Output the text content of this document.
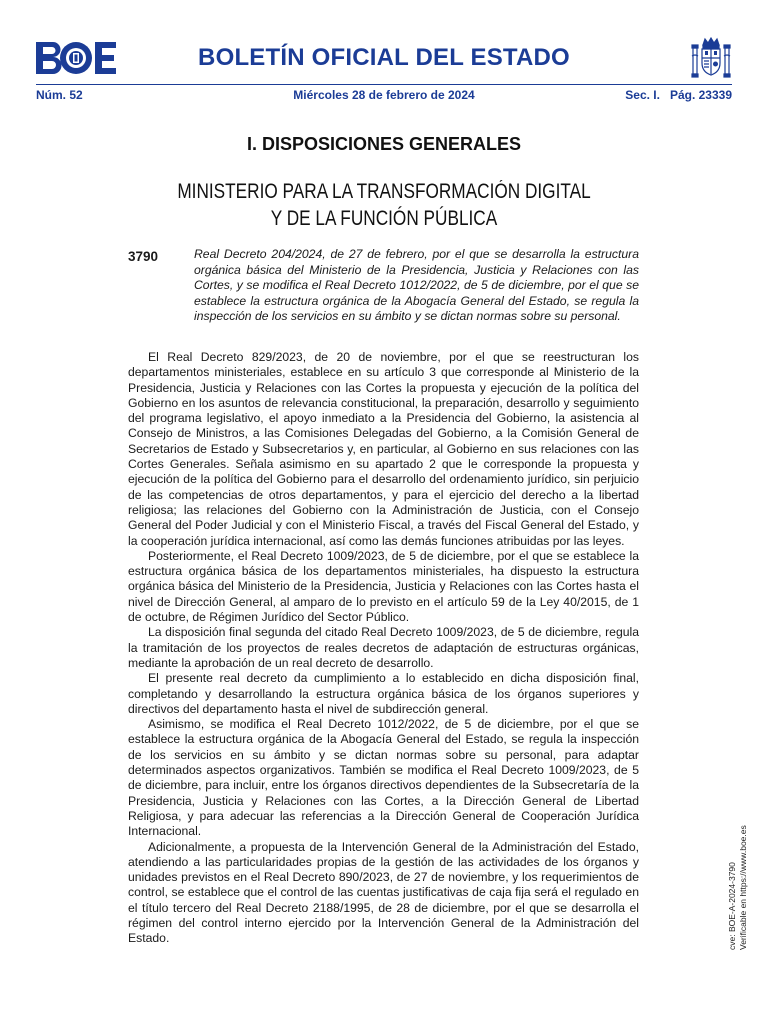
BOLETÍN OFICIAL DEL ESTADO
Núm. 52	Miércoles 28 de febrero de 2024	Sec. I. Pág. 23339
I. DISPOSICIONES GENERALES
MINISTERIO PARA LA TRANSFORMACIÓN DIGITAL
Y DE LA FUNCIÓN PÚBLICA
3790	Real Decreto 204/2024, de 27 de febrero, por el que se desarrolla la estructura orgánica básica del Ministerio de la Presidencia, Justicia y Relaciones con las Cortes, y se modifica el Real Decreto 1012/2022, de 5 de diciembre, por el que se establece la estructura orgánica de la Abogacía General del Estado, se regula la inspección de los servicios en su ámbito y se dictan normas sobre su personal.

El Real Decreto 829/2023, de 20 de noviembre, por el que se reestructuran los departamentos ministeriales, establece en su artículo 3 que corresponde al Ministerio de la Presidencia, Justicia y Relaciones con las Cortes la propuesta y ejecución de la política del Gobierno en los asuntos de relevancia constitucional, la preparación, desarrollo y seguimiento del programa legislativo, el apoyo inmediato a la Presidencia del Gobierno, la asistencia al Consejo de Ministros, a las Comisiones Delegadas del Gobierno, a la Comisión General de Secretarios de Estado y Subsecretarios y, en particular, al Gobierno en sus relaciones con las Cortes Generales. Señala asimismo en su apartado 2 que le corresponde la propuesta y ejecución de la política del Gobierno para el desarrollo del ordenamiento jurídico, sin perjuicio de las competencias de otros departamentos, y para el ejercicio del derecho a la libertad religiosa; las relaciones del Gobierno con la Administración de Justicia, con el Consejo General del Poder Judicial y con el Ministerio Fiscal, a través del Fiscal General del Estado, y la cooperación jurídica internacional, así como las demás funciones atribuidas por las leyes.

Posteriormente, el Real Decreto 1009/2023, de 5 de diciembre, por el que se establece la estructura orgánica básica de los departamentos ministeriales, ha dispuesto la estructura orgánica básica del Ministerio de la Presidencia, Justicia y Relaciones con las Cortes hasta el nivel de Dirección General, al amparo de lo previsto en el artículo 59 de la Ley 40/2015, de 1 de octubre, de Régimen Jurídico del Sector Público.

La disposición final segunda del citado Real Decreto 1009/2023, de 5 de diciembre, regula la tramitación de los proyectos de reales decretos de adaptación de estructuras orgánicas, mediante la aprobación de un real decreto de desarrollo.

El presente real decreto da cumplimiento a lo establecido en dicha disposición final, completando y desarrollando la estructura orgánica básica de los órganos superiores y directivos del departamento hasta el nivel de subdirección general.

Asimismo, se modifica el Real Decreto 1012/2022, de 5 de diciembre, por el que se establece la estructura orgánica de la Abogacía General del Estado, se regula la inspección de los servicios en su ámbito y se dictan normas sobre su personal, para adaptar determinados aspectos organizativos. También se modifica el Real Decreto 1009/2023, de 5 de diciembre, para incluir, entre los órganos directivos dependientes de la Subsecretaría de la Presidencia, Justicia y Relaciones con las Cortes, a la Dirección General de Libertad Religiosa, y para adecuar las referencias a la Dirección General de Cooperación Jurídica Internacional.

Adicionalmente, a propuesta de la Intervención General de la Administración del Estado, atendiendo a las particularidades propias de la gestión de las actividades de los órganos y unidades previstos en el Real Decreto 890/2023, de 27 de noviembre, y los requerimientos de control, se establece que el control de las cuentas justificativas de caja fija será el regulado en el título tercero del Real Decreto 2188/1995, de 28 de diciembre, por el que se desarrolla el régimen del control interno ejercido por la Intervención General de la Administración del Estado.	cve: BOE-A-2024-3790 Verificable en https://www.boe.es
